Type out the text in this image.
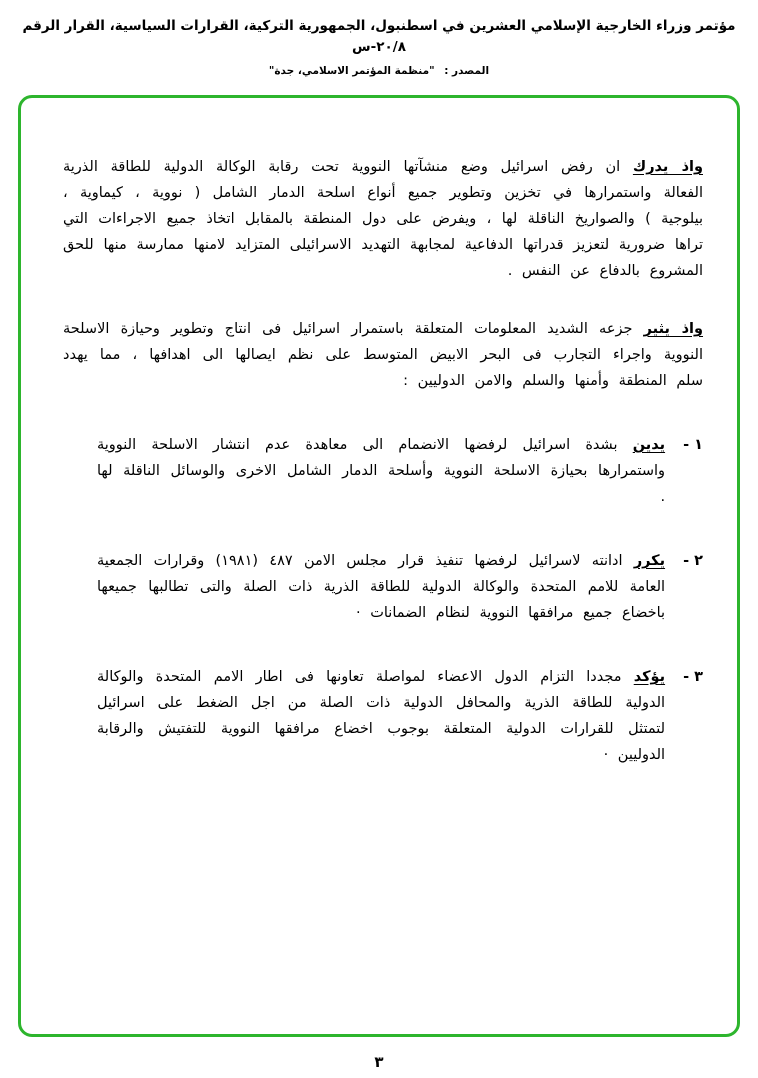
مؤتمر وزراء الخارجية الإسلامي العشرين في اسطنبول، الجمهورية التركية، القرارات السياسية، القرار الرقم ٢٠/٨-س
المصدر : "منظمة المؤتمر الاسلامي، جدة"

واذ يدرك ان رفض اسرائيل وضع منشآتها النووية تحت رقابة الوكالة الدولية للطاقة الذرية الفعالة واستمرارها في تخزين وتطوير جميع أنواع اسلحة الدمار الشامل ( نووية ، كيماوية ، بيلوجية ) والصواريخ الناقلة لها ، ويفرض على دول المنطقة بالمقابل اتخاذ جميع الاجراءات التي تراها ضرورية لتعزيز قدراتها الدفاعية لمجابهة التهديد الاسرائيلى المتزايد لامنها ممارسة منها للحق المشروع بالدفاع عن النفس .

واذ يثير جزعه الشديد المعلومات المتعلقة باستمرار اسرائيل فى انتاج وتطوير وحيازة الاسلحة النووية واجراء التجارب فى البحر الابيض المتوسط على نظم ايصالها الى اهدافها ، مما يهدد سلم المنطقة وأمنها والسلم والامن الدوليين :

١ -

يدين بشدة اسرائيل لرفضها الانضمام الى معاهدة عدم انتشار الاسلحة النووية واستمرارها بحيازة الاسلحة النووية وأسلحة الدمار الشامل الاخرى والوسائل الناقلة لها .

٢ -

يكرر ادانته لاسرائيل لرفضها تنفيذ قرار مجلس الامن ٤٨٧ (١٩٨١) وقرارات الجمعية العامة للامم المتحدة والوكالة الدولية للطاقة الذرية ذات الصلة والتى تطالبها جميعها باخضاع جميع مرافقها النووية لنظام الضمانات ·

٣ -

يؤكد مجددا التزام الدول الاعضاء لمواصلة تعاونها فى اطار الامم المتحدة والوكالة الدولية للطاقة الذرية والمحافل الدولية ذات الصلة من اجل الضغط على اسرائيل لتمتثل للقرارات الدولية المتعلقة بوجوب اخضاع مرافقها النووية للتفتيش والرقابة الدوليين ·

٣
